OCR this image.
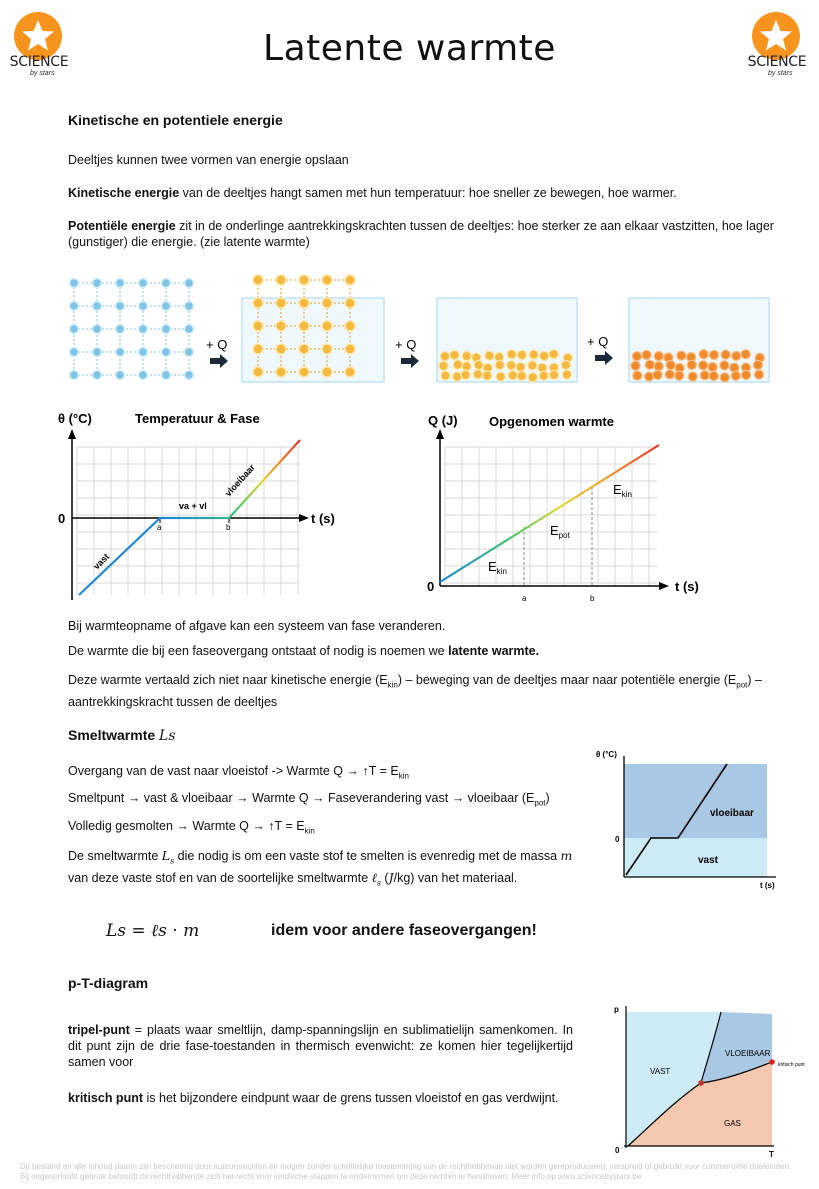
SCIENCE
by stars
SCIENCE
by stars
Latente warmte
Kinetische en potentiele energie
Deeltjes kunnen twee vormen van energie opslaan
Kinetische energie van de deeltjes hangt samen met hun temperatuur: hoe sneller ze bewegen, hoe warmer.
Potentiële energie zit in de onderlinge aantrekkingskrachten tussen de deeltjes: hoe sterker ze aan elkaar vastzitten, hoe lager (gunstiger) die energie. (zie latente warmte)
+ Q	+ Q	+ Q
θ (°C)	Temperatuur & Fase
0	t (s)
a	b
va + vl
vast
vloeibaar
Q (J) Opgenomen warmte
0	t (s)
a	b
$E_{kin}$
$E_{pot}$
$E_{kin}$
Bij warmteopname of afgave kan een systeem van fase veranderen.
De warmte die bij een faseovergang ontstaat of nodig is noemen we latente warmte.
Deze warmte vertaald zich niet naar kinetische energie $(E_{kin})$ – beweging van de deeltjes maar naar potentiële energie $(E_{pot})$ – aantrekkingskracht tussen de deeltjes
Smeltwarmte Ls
Overgang van de vast naar vloeistof -> Warmte Q → ↑T = $E_{kin}$
Smeltpunt → vast & vloeibaar → Warmte Q → Faseverandering vast → vloeibaar $(E_{pot})$
Volledig gesmolten → Warmte Q → ↑T = $E_{kin}$
De smeltwarmte $L_s$ die nodig is om een vaste stof te smelten is evenredig met de massa m van deze vaste stof en van de soortelijke smeltwarmte ℓ$_s$ (J/kg) van het materiaal.
Ls = ℓs · m	idem voor andere faseovergangen!
θ (°C)
0
t (s)
vloeibaar
vast
p-T-diagram
tripel-punt = plaats waar smeltlijn, damp-spanningslijn en sublimatielijn samenkomen. In dit punt zijn de drie fase-toestanden in thermisch evenwicht: ze komen hier tegelijkertijd samen voor
kritisch punt is het bijzondere eindpunt waar de grens tussen vloeistof en gas verdwijnt.
p
0	T
VAST
VLOEIBAAR
GAS
kritisch punt
Dit bestand en alle inhoud daarin zijn beschermd door auteursrechten en mogen zonder schriftelijke toestemming van de rechthebbende niet worden gereproduceerd, verspreid of gebruikt voor commerciële doeleinden. Bij ongeoorloofd gebruik behoudt de rechthebbende zich het recht voor juridische stappen te ondernemen om deze rechten te handhaven. Meer info op www.sciencebystars.be
